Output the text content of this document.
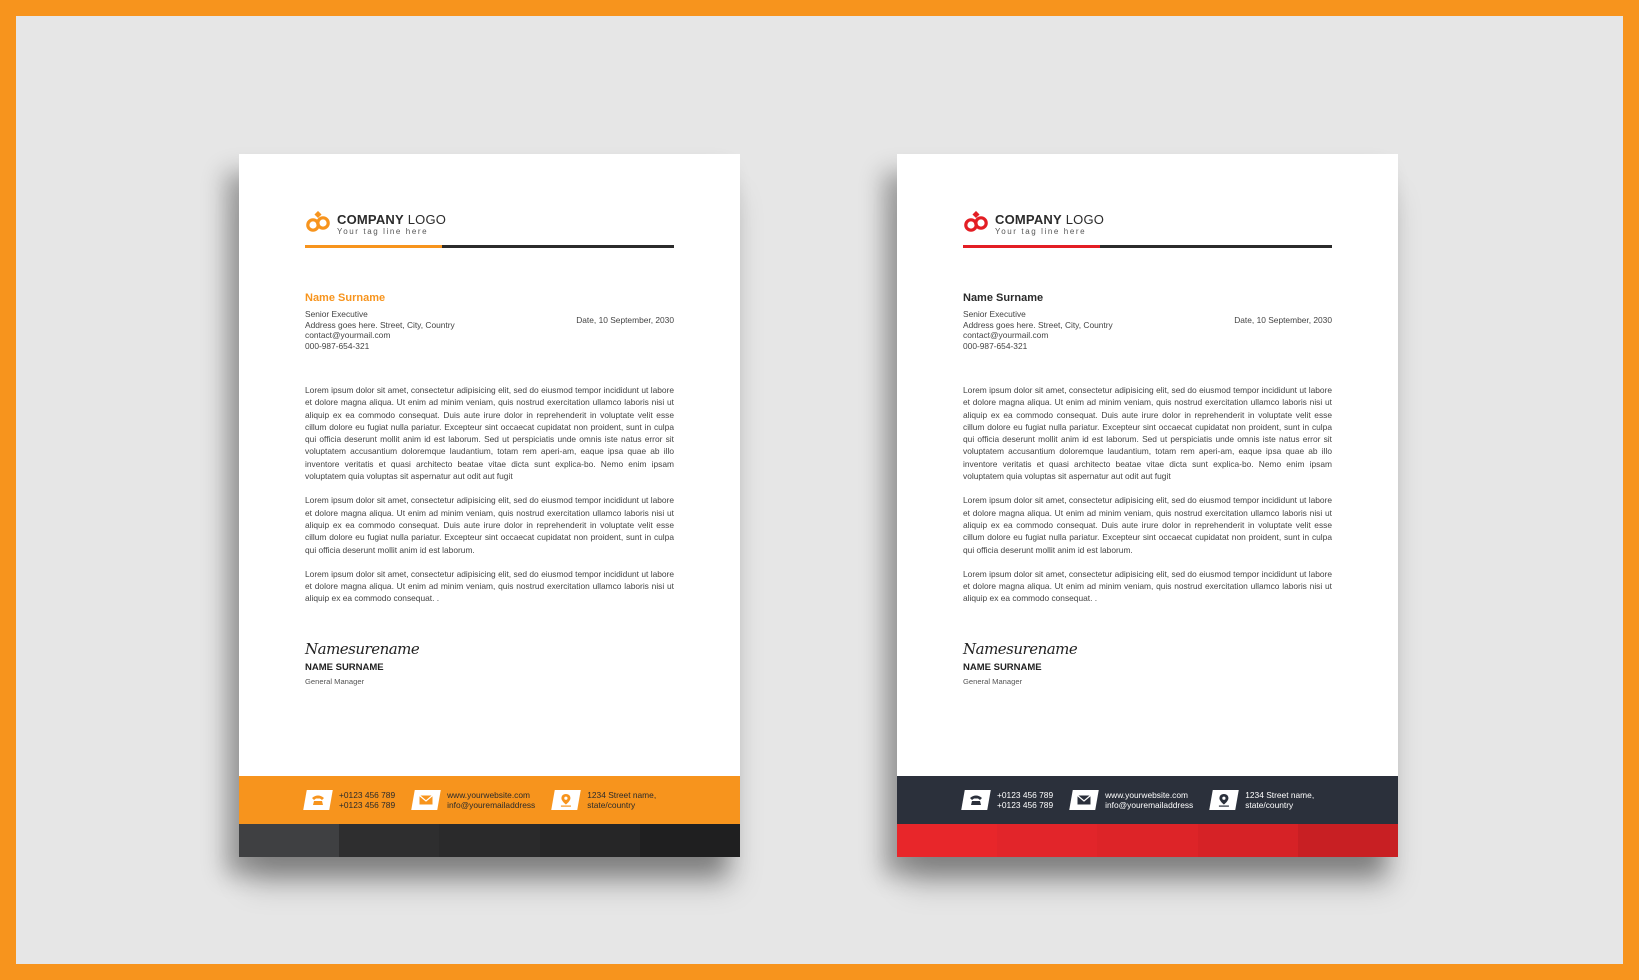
COMPANY LOGO
Your tag line here
Name Surname
Senior Executive
Address goes here. Street, City, Country
contact@yourmail.com
000-987-654-321
Date, 10 September, 2030

Lorem ipsum dolor sit amet, consectetur adipisicing elit, sed do eiusmod tempor incididunt ut labore et dolore magna aliqua. Ut enim ad minim veniam, quis nostrud exercitation ullamco laboris nisi ut aliquip ex ea commodo consequat. Duis aute irure dolor in reprehenderit in voluptate velit esse cillum dolore eu fugiat nulla pariatur. Excepteur sint occaecat cupidatat non proident, sunt in culpa qui officia deserunt mollit anim id est laborum. Sed ut perspiciatis unde omnis iste natus error sit voluptatem accusantium doloremque laudantium, totam rem aperi-am, eaque ipsa quae ab illo inventore veritatis et quasi architecto beatae vitae dicta sunt explica-bo. Nemo enim ipsam voluptatem quia voluptas sit aspernatur aut odit aut fugit

Lorem ipsum dolor sit amet, consectetur adipisicing elit, sed do eiusmod tempor incididunt ut labore et dolore magna aliqua. Ut enim ad minim veniam, quis nostrud exercitation ullamco laboris nisi ut aliquip ex ea commodo consequat. Duis aute irure dolor in reprehenderit in voluptate velit esse cillum dolore eu fugiat nulla pariatur. Excepteur sint occaecat cupidatat non proident, sunt in culpa qui officia deserunt mollit anim id est laborum.

Lorem ipsum dolor sit amet, consectetur adipisicing elit, sed do eiusmod tempor incididunt ut labore et dolore magna aliqua. Ut enim ad minim veniam, quis nostrud exercitation ullamco laboris nisi ut aliquip ex ea commodo consequat. .

Namesurename
NAME SURNAME
General Manager
+0123 456 789
+0123 456 789
www.yourwebsite.com
info@youremailaddress
1234 Street name,
state/country
COMPANY LOGO
Your tag line here
Name Surname
Senior Executive
Address goes here. Street, City, Country
contact@yourmail.com
000-987-654-321
Date, 10 September, 2030

Lorem ipsum dolor sit amet, consectetur adipisicing elit, sed do eiusmod tempor incididunt ut labore et dolore magna aliqua. Ut enim ad minim veniam, quis nostrud exercitation ullamco laboris nisi ut aliquip ex ea commodo consequat. Duis aute irure dolor in reprehenderit in voluptate velit esse cillum dolore eu fugiat nulla pariatur. Excepteur sint occaecat cupidatat non proident, sunt in culpa qui officia deserunt mollit anim id est laborum. Sed ut perspiciatis unde omnis iste natus error sit voluptatem accusantium doloremque laudantium, totam rem aperi-am, eaque ipsa quae ab illo inventore veritatis et quasi architecto beatae vitae dicta sunt explica-bo. Nemo enim ipsam voluptatem quia voluptas sit aspernatur aut odit aut fugit

Lorem ipsum dolor sit amet, consectetur adipisicing elit, sed do eiusmod tempor incididunt ut labore et dolore magna aliqua. Ut enim ad minim veniam, quis nostrud exercitation ullamco laboris nisi ut aliquip ex ea commodo consequat. Duis aute irure dolor in reprehenderit in voluptate velit esse cillum dolore eu fugiat nulla pariatur. Excepteur sint occaecat cupidatat non proident, sunt in culpa qui officia deserunt mollit anim id est laborum.

Lorem ipsum dolor sit amet, consectetur adipisicing elit, sed do eiusmod tempor incididunt ut labore et dolore magna aliqua. Ut enim ad minim veniam, quis nostrud exercitation ullamco laboris nisi ut aliquip ex ea commodo consequat. .

Namesurename
NAME SURNAME
General Manager
+0123 456 789
+0123 456 789
www.yourwebsite.com
info@youremailaddress
1234 Street name,
state/country
